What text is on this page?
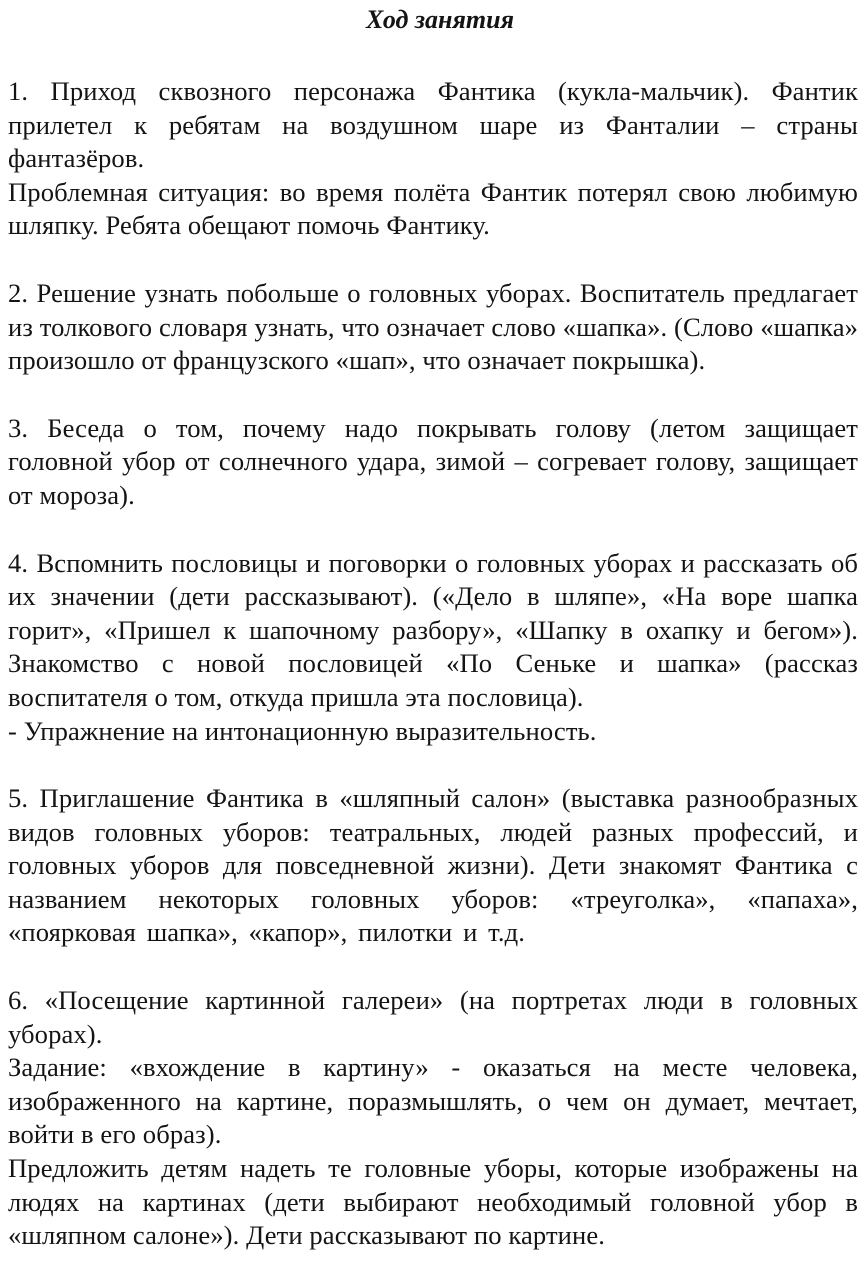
Ход занятия

1. Приход сквозного персонажа Фантика (кукла-мальчик). Фантик прилетел к ребятам на воздушном шаре из Фанталии – страны фантазёров.

Проблемная ситуация: во время полёта Фантик потерял свою любимую шляпку. Ребята обещают помочь Фантику.

2. Решение узнать побольше о головных уборах. Воспитатель предлагает из толкового словаря узнать, что означает слово «шапка». (Слово «шапка» произошло от французского «шап», что означает покрышка).

3. Беседа о том, почему надо покрывать голову (летом защищает головной убор от солнечного удара, зимой – согревает голову, защищает от мороза).

4. Вспомнить пословицы и поговорки о головных уборах и рассказать об их значении (дети рассказывают). («Дело в шляпе», «На воре шапка горит», «Пришел к шапочному разбору», «Шапку в охапку и бегом»). Знакомство с новой пословицей «По Сеньке и шапка» (рассказ воспитателя о том, откуда пришла эта пословица).

- Упражнение на интонационную выразительность.

5. Приглашение Фантика в «шляпный салон» (выставка разнообразных видов головных уборов: театральных, людей разных профессий, и головных уборов для повседневной жизни). Дети знакомят Фантика с названием некоторых головных уборов: «треуголка», «папаха», «поярковая шапка», «капор», пилотки и т.д.

6. «Посещение картинной галереи» (на портретах люди в головных уборах).

Задание: «вхождение в картину» - оказаться на месте человека, изображенного на картине, поразмышлять, о чем он думает, мечтает, войти в его образ).

Предложить детям надеть те головные уборы, которые изображены на людях на картинах (дети выбирают необходимый головной убор в «шляпном салоне»). Дети рассказывают по картине.
